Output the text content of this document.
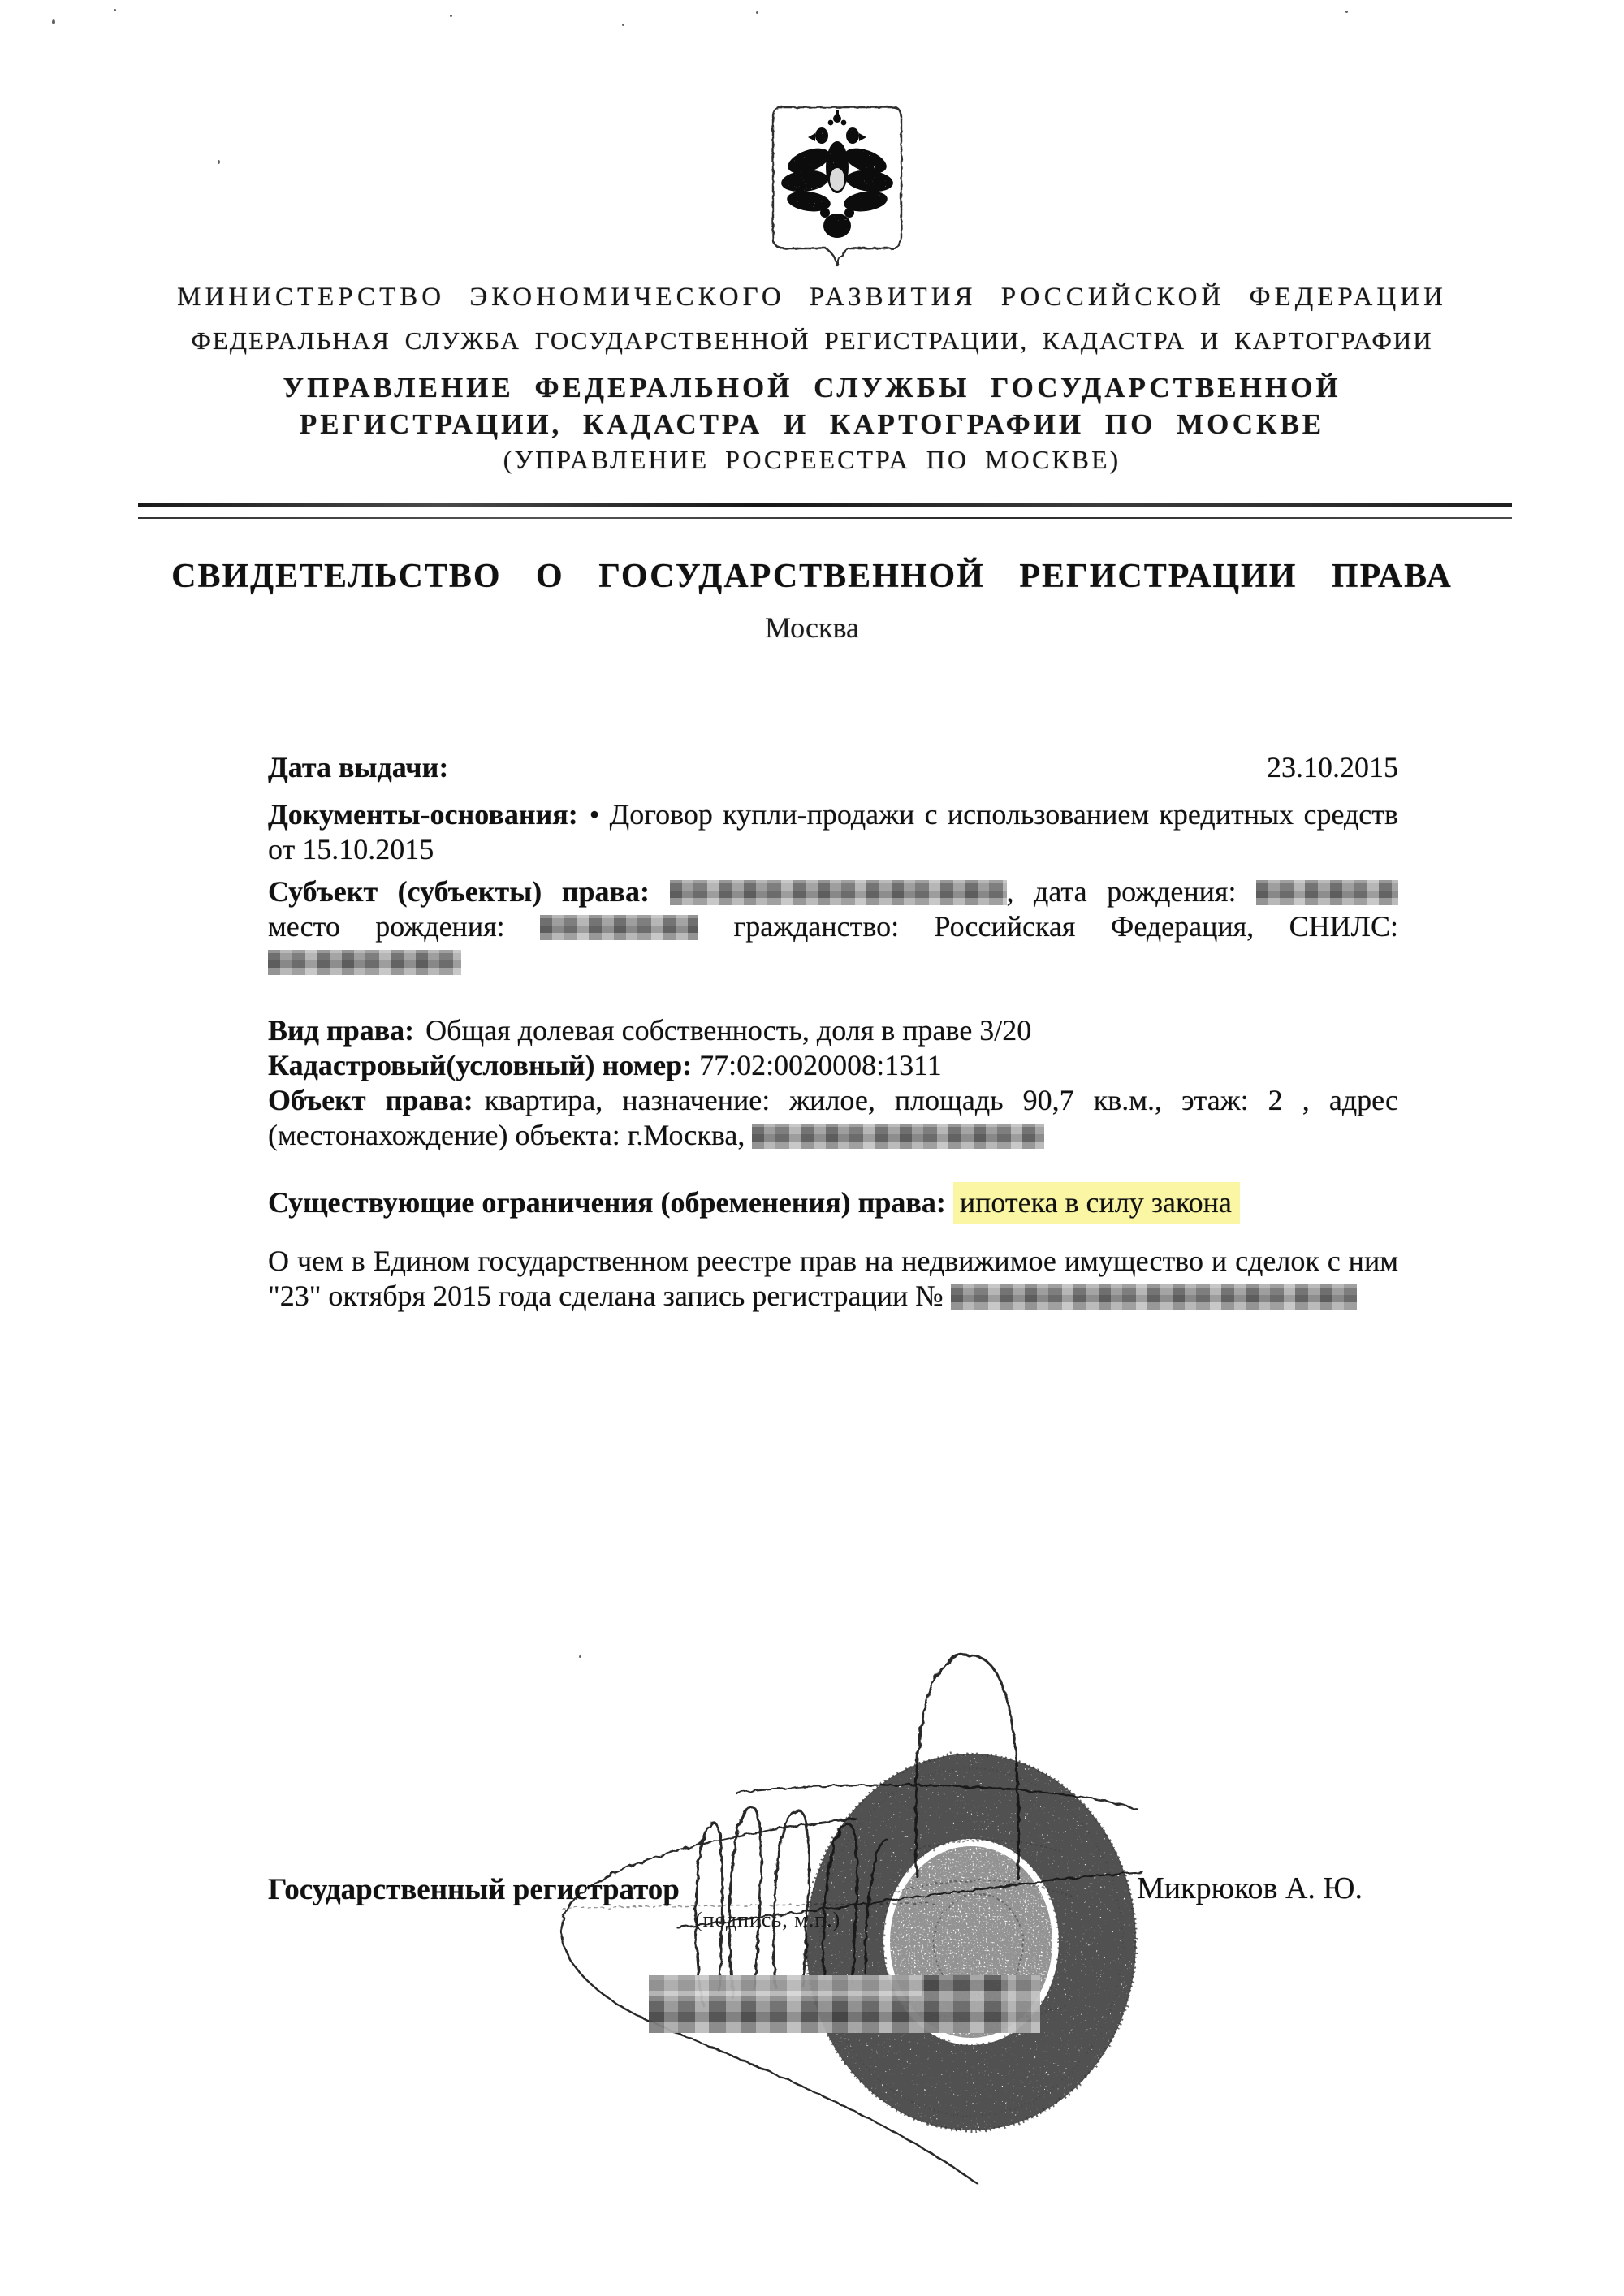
МИНИСТЕРСТВО ЭКОНОМИЧЕСКОГО РАЗВИТИЯ РОССИЙСКОЙ ФЕДЕРАЦИИ
ФЕДЕРАЛЬНАЯ СЛУЖБА ГОСУДАРСТВЕННОЙ РЕГИСТРАЦИИ, КАДАСТРА И КАРТОГРАФИИ
УПРАВЛЕНИЕ ФЕДЕРАЛЬНОЙ СЛУЖБЫ ГОСУДАРСТВЕННОЙ
РЕГИСТРАЦИИ, КАДАСТРА И КАРТОГРАФИИ ПО МОСКВЕ
(УПРАВЛЕНИЕ РОСРЕЕСТРА ПО МОСКВЕ)
СВИДЕТЕЛЬСТВО О ГОСУДАРСТВЕННОЙ РЕГИСТРАЦИИ ПРАВА
Москва

Дата выдачи:	23.10.2015

Документы-основания: • Договор купли-продажи с использованием кредитных средств от 15.10.2015

Субъект (субъекты) права:	, дата рождения:  место рождения:	гражданство: Российская Федерация, СНИЛС:

Вид права: Общая долевая собственность, доля в праве 3/20

Кадастровый(условный) номер: 77:02:0020008:1311

Объект права: квартира, назначение: жилое, площадь 90,7 кв.м., этаж: 2 , адрес (местонахождение) объекта: г.Москва,

Существующие ограничения (обременения) права: ипотека в силу закона

О чем в Едином государственном реестре прав на недвижимое имущество и сделок с ним "23" октября 2015 года сделана запись регистрации №

Государственный регистратор	Микрюков А. Ю.
(подпись, м.п.)
